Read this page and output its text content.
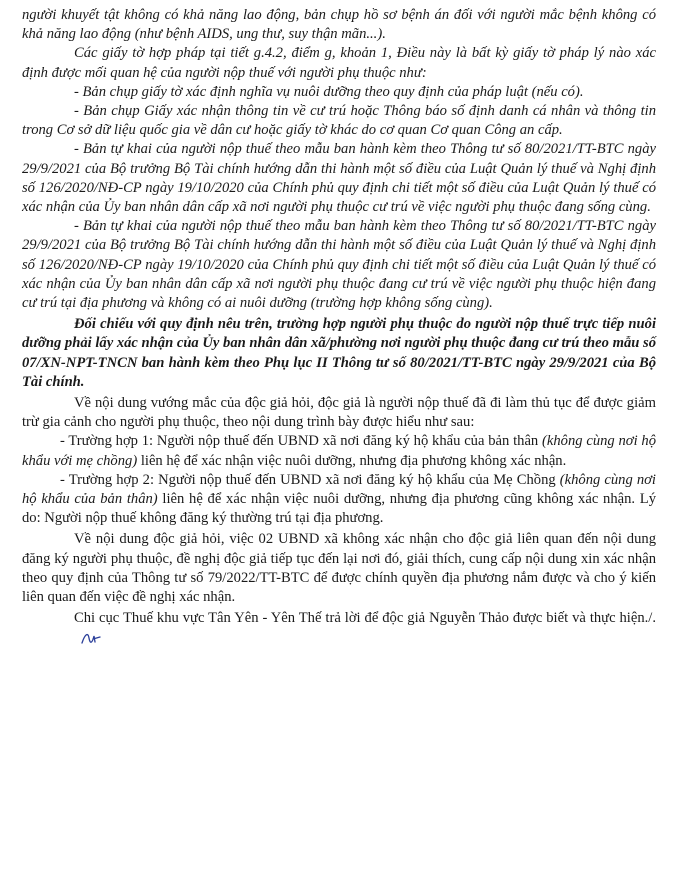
người khuyết tật không có khả năng lao động, bản chụp hồ sơ bệnh án đối với người mắc bệnh không có khả năng lao động (như bệnh AIDS, ung thư, suy thận mãn...).

Các giấy tờ hợp pháp tại tiết g.4.2, điểm g, khoản 1, Điều này là bất kỳ giấy tờ pháp lý nào xác định được mối quan hệ của người nộp thuế với người phụ thuộc như:

- Bản chụp giấy tờ xác định nghĩa vụ nuôi dưỡng theo quy định của pháp luật (nếu có).

- Bản chụp Giấy xác nhận thông tin về cư trú hoặc Thông báo số định danh cá nhân và thông tin trong Cơ sở dữ liệu quốc gia về dân cư hoặc giấy tờ khác do cơ quan Cơ quan Công an cấp.

- Bản tự khai của người nộp thuế theo mẫu ban hành kèm theo Thông tư số 80/2021/TT-BTC ngày 29/9/2021 của Bộ trưởng Bộ Tài chính hướng dẫn thi hành một số điều của Luật Quản lý thuế và Nghị định số 126/2020/NĐ-CP ngày 19/10/2020 của Chính phủ quy định chi tiết một số điều của Luật Quản lý thuế có xác nhận của Ủy ban nhân dân cấp xã nơi người phụ thuộc cư trú về việc người phụ thuộc đang sống cùng.

- Bản tự khai của người nộp thuế theo mẫu ban hành kèm theo Thông tư số 80/2021/TT-BTC ngày 29/9/2021 của Bộ trưởng Bộ Tài chính hướng dẫn thi hành một số điều của Luật Quản lý thuế và Nghị định số 126/2020/NĐ-CP ngày 19/10/2020 của Chính phủ quy định chi tiết một số điều của Luật Quản lý thuế có xác nhận của Ủy ban nhân dân cấp xã nơi người phụ thuộc đang cư trú về việc người phụ thuộc hiện đang cư trú tại địa phương và không có ai nuôi dưỡng (trường hợp không sống cùng).

Đối chiếu với quy định nêu trên, trường hợp người phụ thuộc do người nộp thuế trực tiếp nuôi dưỡng phải lấy xác nhận của Ủy ban nhân dân xã/phường nơi người phụ thuộc đang cư trú theo mẫu số 07/XN-NPT-TNCN ban hành kèm theo Phụ lục II Thông tư số 80/2021/TT-BTC ngày 29/9/2021 của Bộ Tài chính.

Về nội dung vướng mắc của độc giả hỏi, độc giả là người nộp thuế đã đi làm thủ tục để được giảm trừ gia cảnh cho người phụ thuộc, theo nội dung trình bày được hiểu như sau:

- Trường hợp 1: Người nộp thuế đến UBND xã nơi đăng ký hộ khẩu của bản thân (không cùng nơi hộ khẩu với mẹ chồng) liên hệ để xác nhận việc nuôi dưỡng, nhưng địa phương không xác nhận.

- Trường hợp 2: Người nộp thuế đến UBND xã nơi đăng ký hộ khẩu của Mẹ Chồng (không cùng nơi hộ khẩu của bản thân) liên hệ để xác nhận việc nuôi dưỡng, nhưng địa phương cũng không xác nhận. Lý do: Người nộp thuế không đăng ký thường trú tại địa phương.

Về nội dung độc giả hỏi, việc 02 UBND xã không xác nhận cho độc giả liên quan đến nội dung đăng ký người phụ thuộc, đề nghị độc giả tiếp tục đến lại nơi đó, giải thích, cung cấp nội dung xin xác nhận theo quy định của Thông tư số 79/2022/TT-BTC để được chính quyền địa phương nắm được và cho ý kiến liên quan đến việc đề nghị xác nhận.

Chi cục Thuế khu vực Tân Yên - Yên Thế trả lời để độc giả Nguyễn Thảo được biết và thực hiện./.
